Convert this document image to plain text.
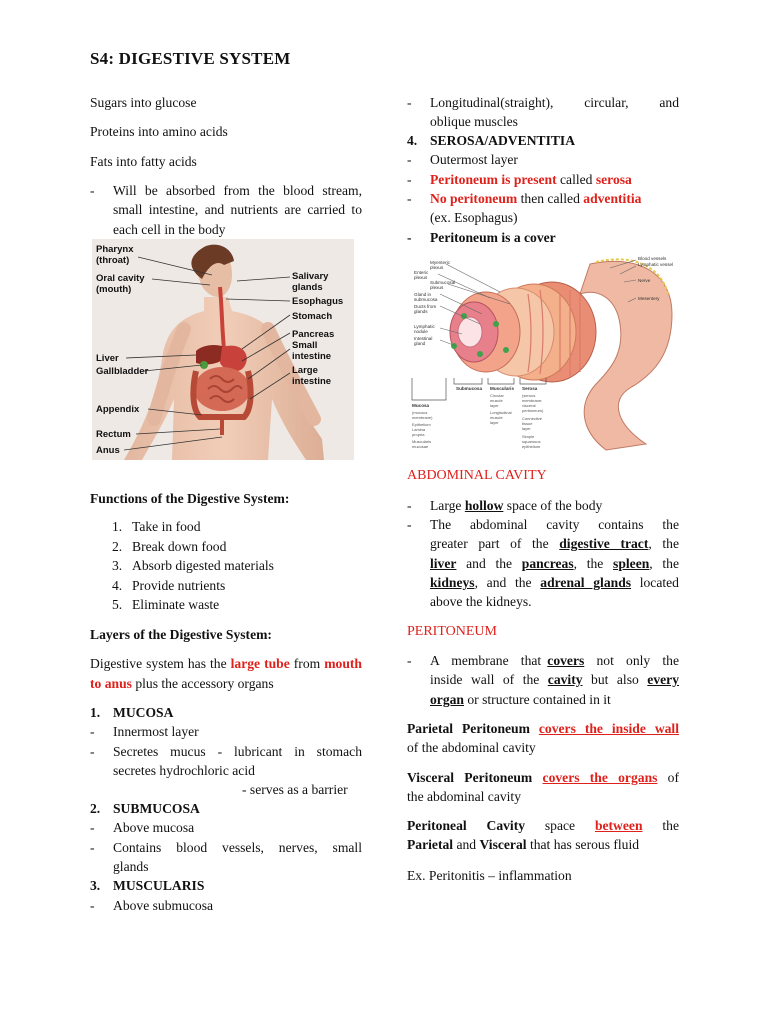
S4: DIGESTIVE SYSTEM
Sugars into glucose
Proteins into amino acids
Fats into fatty acids
- Will be absorbed from the blood stream, small intestine, and nutrients are carried to each cell in the body
Pharynx
(throat)
Oral cavity
(mouth)
Liver
Gallbladder
Appendix
Rectum
Anus
Salivary
glands
Esophagus
Stomach
Pancreas
Small
intestine
Large
intestine
Functions of the Digestive System:
1. Take in food
2. Break down food
3. Absorb digested materials
4. Provide nutrients
5. Eliminate waste
Layers of the Digestive System:
Digestive system has the large tube from mouth to anus plus the accessory organs
1. MUCOSA
- Innermost layer
- Secretes mucus - lubricant in stomach
secretes hydrochloric acid
- serves as a barrier
2. SUBMUCOSA
- Above mucosa
- Contains blood vessels, nerves, small
glands
3. MUSCULARIS
- Above submucosa
- Longitudinal(straight), circular, and
oblique muscles
4. SEROSA/ADVENTITIA
- Outermost layer
- Peritoneum is present called serosa
- No peritoneum then called adventitia
(ex. Esophagus)
- Peritoneum is a cover
Myenteric
plexus
Enteric
plexus
Submucosal
plexus
Gland in
submucosa
Ducts from
glands
Lymphatic
nodule
Intestinal
gland
Blood vessels
Lymphatic vessel
Nerve
Mesentery
Mucosa
Submucosa Muscularis Serosa
(mucous
membrane)
Epithelium
Lamina
propria
Muscularis
mucosae
Circular
muscle
layer
Longitudinal
muscle
layer
(serous
membrane;
visceral
peritoneum)
Connective
tissue
layer
Simple
squamous
epithelium
ABDOMINAL CAVITY
- Large hollow space of the body
- The abdominal cavity contains the
greater part of the digestive tract, the
liver and the pancreas, the spleen, the
kidneys, and the adrenal glands located
above the kidneys.
PERITONEUM
- A  membrane  that covers  not  only  the
inside wall of the cavity but also every
organ or structure contained in it
Parietal Peritoneum covers the inside wall
of the abdominal cavity
Visceral Peritoneum covers the organs of
the abdominal cavity
Peritoneal Cavity space between the
Parietal and Visceral that has serous fluid
Ex. Peritonitis – inflammation
